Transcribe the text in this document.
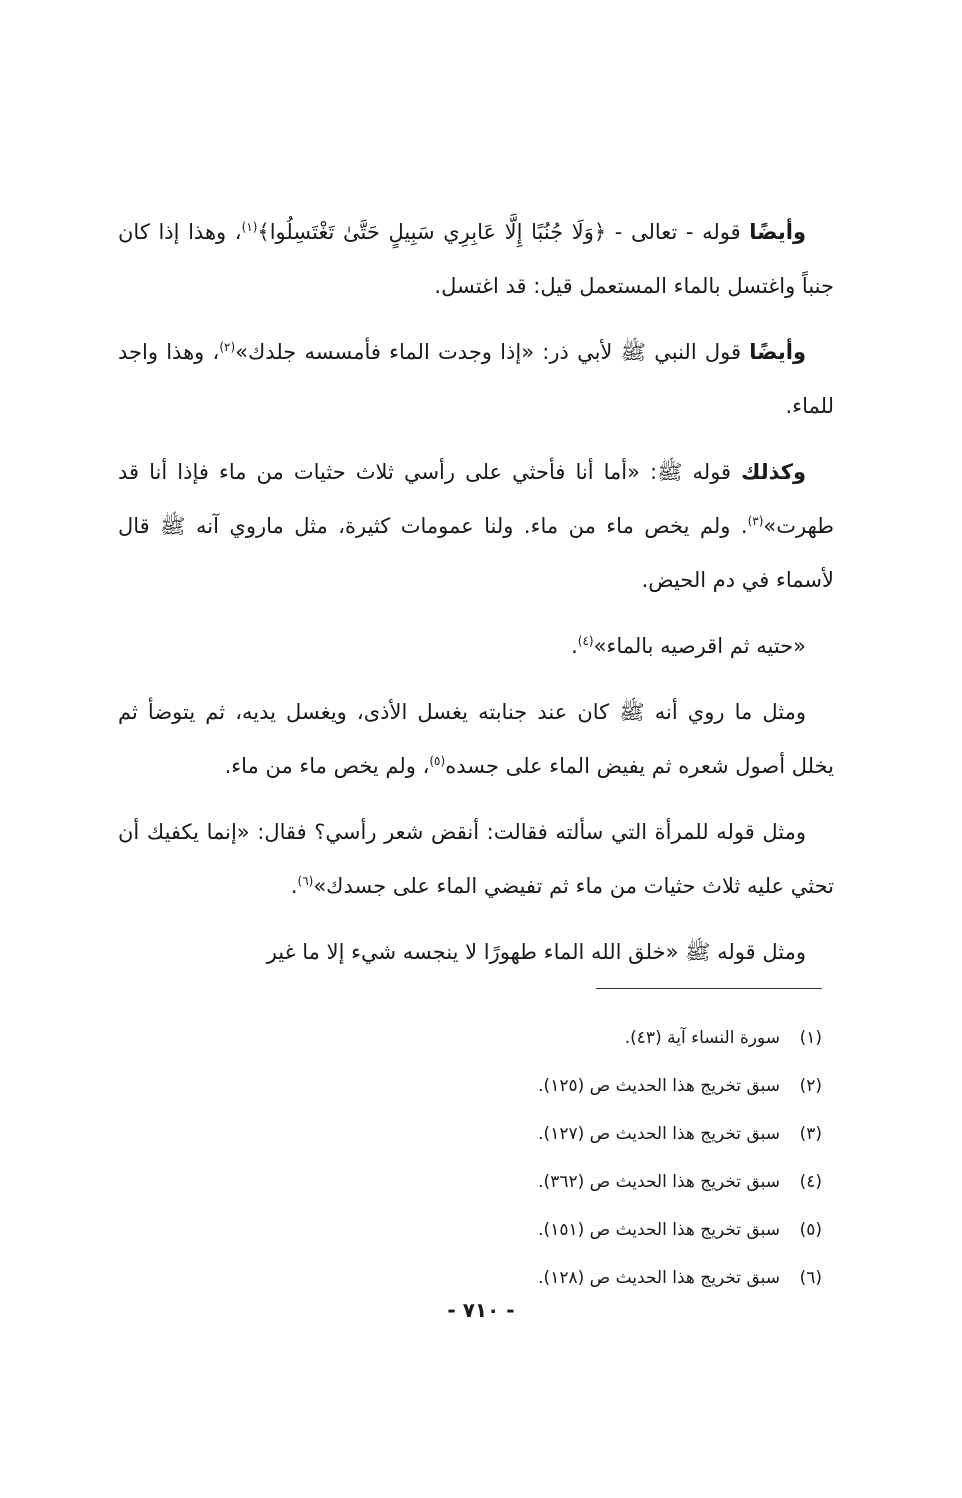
وأيضًا قوله - تعالى - ﴿وَلَا جُنُبًا إِلَّا عَابِرِي سَبِيلٍ حَتَّىٰ تَغْتَسِلُوا﴾$^{(١)}$، وهذا إذا كان جنباً واغتسل بالماء المستعمل قيل: قد اغتسل.

وأيضًا قول النبي ﷺ لأبي ذر: «إذا وجدت الماء فأمسسه جلدك»$^{(٢)}$، وهذا واجد للماء.

وكذلك قوله ﷺ: «أما أنا فأحثي على رأسي ثلاث حثيات من ماء فإذا أنا قد طهرت»$^{(٣)}$. ولم يخص ماء من ماء. ولنا عمومات كثيرة، مثل ماروي آنه ﷺ قال لأسماء في دم الحيض.

«حتيه ثم اقرصيه بالماء»$^{(٤)}$.

ومثل ما روي أنه ﷺ كان عند جنابته يغسل الأذى، ويغسل يديه، ثم يتوضأ ثم يخلل أصول شعره ثم يفيض الماء على جسده$^{(٥)}$، ولم يخص ماء من ماء.

ومثل قوله للمرأة التي سألته فقالت: أنقض شعر رأسي؟ فقال: «إنما يكفيك أن تحثي عليه ثلاث حثيات من ماء ثم تفيضي الماء على جسدك»$^{(٦)}$.

ومثل قوله ﷺ «خلق الله الماء طهورًا لا ينجسه شيء إلا ما غير

(١)سورة النساء آية (٤٣).
(٢)سبق تخريج هذا الحديث ص (١٢٥).
(٣)سبق تخريج هذا الحديث ص (١٢٧).
(٤)سبق تخريج هذا الحديث ص (٣٦٢).
(٥)سبق تخريج هذا الحديث ص (١٥١).
(٦)سبق تخريج هذا الحديث ص (١٢٨).
- ٧١٠ -
